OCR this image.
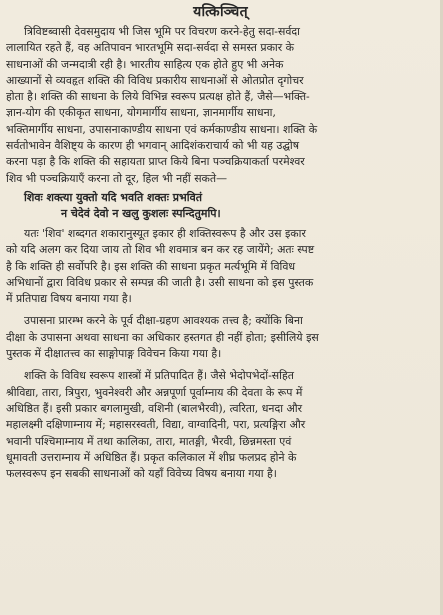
यत्किञ्चित्

त्रिविष्टब्वासी देवसमुदाय भी जिस भूमि पर विचरण करने-हेतु सदा-सर्वदा
लालायित रहते हैं, वह अतिपावन भारतभूमि सदा-सर्वदा से समस्त प्रकार के
साधनाओं की जन्मदात्री रही है। भारतीय साहित्य एक होते हुए भी अनेक
आख्यानों से व्यवहृत शक्ति की विविध प्रकारीय साधनाओं से ओतप्रोत दृगोचर
होता है। शक्ति की साधना के लिये विभिन्न स्वरूप प्रत्यक्ष होते हैं, जैसे—भक्ति-
ज्ञान-योग की एकीकृत साधना, योगमार्गीय साधना, ज्ञानमार्गीय साधना,
भक्तिमार्गीय साधना, उपासनाकाण्डीय साधना एवं कर्मकाण्डीय साधना। शक्ति के
सर्वतोभावेन वैशिष्ट्य के कारण ही भगवान् आदिशंकराचार्य को भी यह उद्घोष
करना पड़ा है कि शक्ति की सहायता प्राप्त किये बिना पञ्चक्रियाकर्ता परमेश्वर
शिव भी पञ्चक्रियाएँ करना तो दूर, हिल भी नहीं सकते—

शिवः शक्त्या युक्तो यदि भवति शक्तः प्रभवितं
न चेदेवं देवो न खलु कुशलः स्पन्दितुमपि।

यतः 'शिव' शब्दगत शकारानुस्यूत इकार ही शक्तिस्वरूप है और उस इकार
को यदि अलग कर दिया जाय तो शिव भी शवमात्र बन कर रह जायेंगे; अतः स्पष्ट
है कि शक्ति ही सर्वोपरि है। इस शक्ति की साधना प्रकृत मर्त्यभूमि में विविध
अभिधानों द्वारा विविध प्रकार से सम्पन्न की जाती है। उसी साधना को इस पुस्तक
में प्रतिपाद्य विषय बनाया गया है।

उपासना प्रारम्भ करने के पूर्व दीक्षा-ग्रहण आवश्यक तत्त्व है; क्योंकि बिना
दीक्षा के उपासना अथवा साधना का अधिकार हस्तगत ही नहीं होता; इसीलिये इस
पुस्तक में दीक्षातत्त्व का साङ्गोपाङ्ग विवेचन किया गया है।

शक्ति के विविध स्वरूप शास्त्रों में प्रतिपादित हैं। जैसे भेदोपभेदों-सहित
श्रीविद्या, तारा, त्रिपुरा, भुवनेश्वरी और अन्नपूर्णा पूर्वाम्नाय की देवता के रूप में
अधिष्ठित हैं। इसी प्रकार बगलामुखी, वशिनी (बालभैरवी), त्वरिता, धनदा और
महालक्ष्मी दक्षिणाम्नाय में; महासरस्वती, विद्या, वाग्वादिनी, परा, प्रत्यङ्गिरा और
भवानी पश्चिमाम्नाय में तथा कालिका, तारा, मातङ्गी, भैरवी, छिन्नमस्ता एवं
धूमावती उत्तराम्नाय में अधिष्ठित हैं। प्रकृत कलिकाल में शीघ्र फलप्रद होने के
फलस्वरूप इन सबकी साधनाओं को यहाँ विवेच्य विषय बनाया गया है।
